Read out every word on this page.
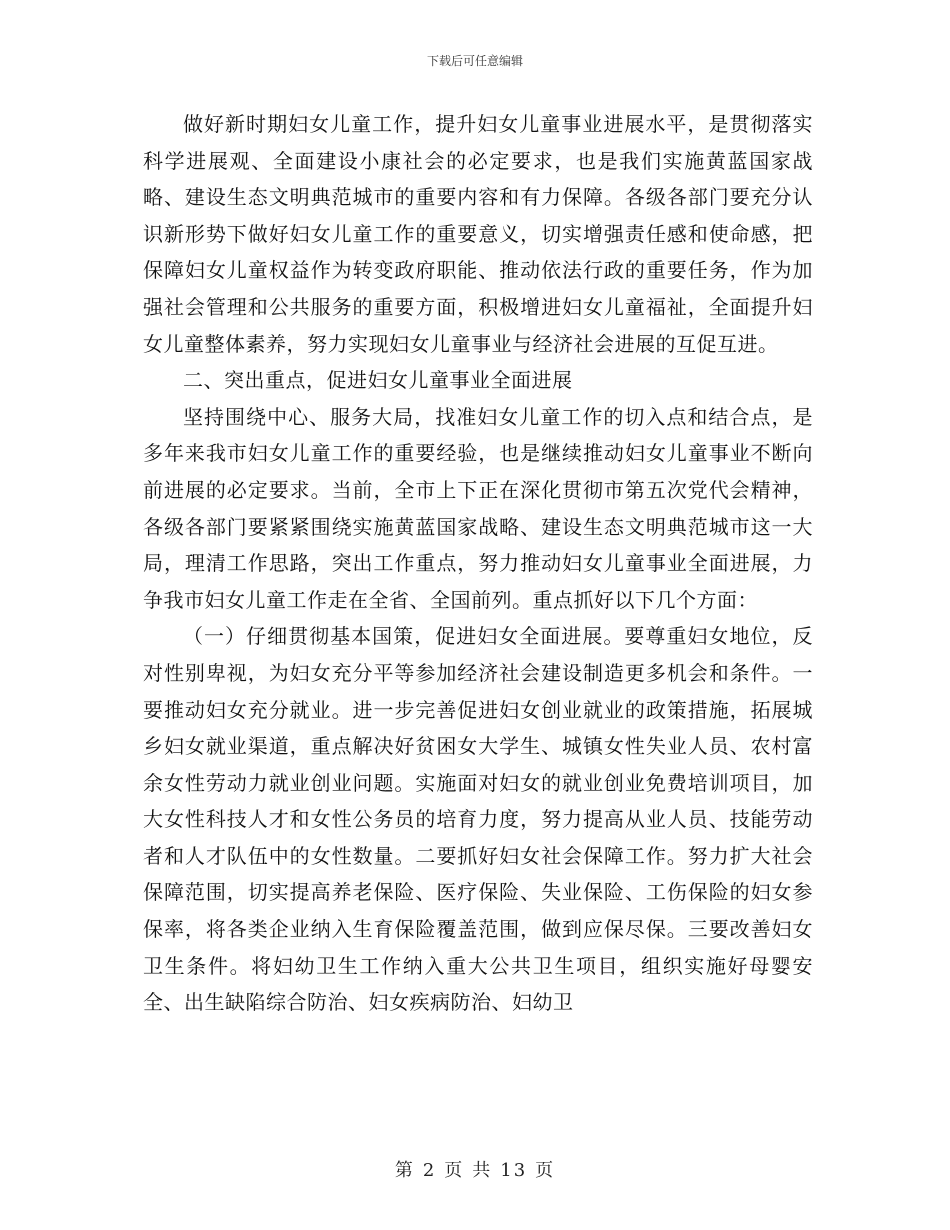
下载后可任意编辑

做好新时期妇女儿童工作，提升妇女儿童事业进展水平，是贯彻落实科学进展观、全面建设小康社会的必定要求，也是我们实施黄蓝国家战略、建设生态文明典范城市的重要内容和有力保障。各级各部门要充分认识新形势下做好妇女儿童工作的重要意义，切实增强责任感和使命感，把保障妇女儿童权益作为转变政府职能、推动依法行政的重要任务，作为加强社会管理和公共服务的重要方面，积极增进妇女儿童福祉，全面提升妇女儿童整体素养，努力实现妇女儿童事业与经济社会进展的互促互进。

二、突出重点，促进妇女儿童事业全面进展

坚持围绕中心、服务大局，找准妇女儿童工作的切入点和结合点，是多年来我市妇女儿童工作的重要经验，也是继续推动妇女儿童事业不断向前进展的必定要求。当前，全市上下正在深化贯彻市第五次党代会精神，各级各部门要紧紧围绕实施黄蓝国家战略、建设生态文明典范城市这一大局，理清工作思路，突出工作重点，努力推动妇女儿童事业全面进展，力争我市妇女儿童工作走在全省、全国前列。重点抓好以下几个方面：

（一）仔细贯彻基本国策，促进妇女全面进展。要尊重妇女地位，反对性别卑视，为妇女充分平等参加经济社会建设制造更多机会和条件。一要推动妇女充分就业。进一步完善促进妇女创业就业的政策措施，拓展城乡妇女就业渠道，重点解决好贫困女大学生、城镇女性失业人员、农村富余女性劳动力就业创业问题。实施面对妇女的就业创业免费培训项目，加大女性科技人才和女性公务员的培育力度，努力提高从业人员、技能劳动者和人才队伍中的女性数量。二要抓好妇女社会保障工作。努力扩大社会保障范围，切实提高养老保险、医疗保险、失业保险、工伤保险的妇女参保率，将各类企业纳入生育保险覆盖范围，做到应保尽保。三要改善妇女卫生条件。将妇幼卫生工作纳入重大公共卫生项目，组织实施好母婴安全、出生缺陷综合防治、妇女疾病防治、妇幼卫

第 2 页 共 13 页
